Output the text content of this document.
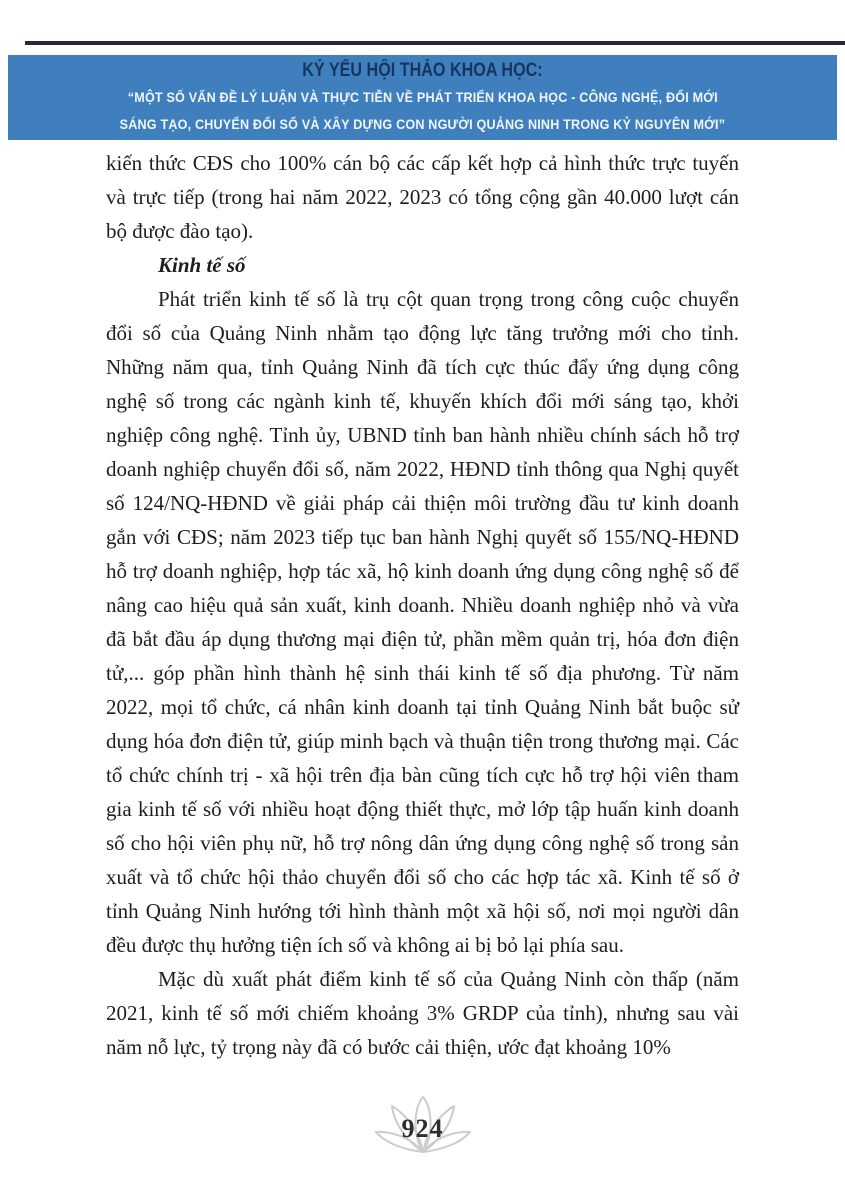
KỶ YẾU HỘI THẢO KHOA HỌC:
“MỘT SỐ VẤN ĐỀ LÝ LUẬN VÀ THỰC TIỄN VỀ PHÁT TRIỂN KHOA HỌC - CÔNG NGHỆ, ĐỔI MỚI
SÁNG TẠO, CHUYỂN ĐỔI SỐ VÀ XÂY DỰNG CON NGƯỜI QUẢNG NINH TRONG KỶ NGUYÊN MỚI”

kiến thức CĐS cho 100% cán bộ các cấp kết hợp cả hình thức trực tuyến và trực tiếp (trong hai năm 2022, 2023 có tổng cộng gần 40.000 lượt cán bộ được đào tạo).

Kinh tế số

Phát triển kinh tế số là trụ cột quan trọng trong công cuộc chuyển đổi số của Quảng Ninh nhằm tạo động lực tăng trưởng mới cho tỉnh. Những năm qua, tỉnh Quảng Ninh đã tích cực thúc đẩy ứng dụng công nghệ số trong các ngành kinh tế, khuyến khích đổi mới sáng tạo, khởi nghiệp công nghệ. Tỉnh ủy, UBND tỉnh ban hành nhiều chính sách hỗ trợ doanh nghiệp chuyển đổi số, năm 2022, HĐND tỉnh thông qua Nghị quyết số 124/NQ-HĐND về giải pháp cải thiện môi trường đầu tư kinh doanh gắn với CĐS; năm 2023 tiếp tục ban hành Nghị quyết số 155/NQ-HĐND hỗ trợ doanh nghiệp, hợp tác xã, hộ kinh doanh ứng dụng công nghệ số để nâng cao hiệu quả sản xuất, kinh doanh. Nhiều doanh nghiệp nhỏ và vừa đã bắt đầu áp dụng thương mại điện tử, phần mềm quản trị, hóa đơn điện tử,... góp phần hình thành hệ sinh thái kinh tế số địa phương. Từ năm 2022, mọi tổ chức, cá nhân kinh doanh tại tỉnh Quảng Ninh bắt buộc sử dụng hóa đơn điện tử, giúp minh bạch và thuận tiện trong thương mại. Các tổ chức chính trị - xã hội trên địa bàn cũng tích cực hỗ trợ hội viên tham gia kinh tế số với nhiều hoạt động thiết thực, mở lớp tập huấn kinh doanh số cho hội viên phụ nữ, hỗ trợ nông dân ứng dụng công nghệ số trong sản xuất và tổ chức hội thảo chuyển đổi số cho các hợp tác xã. Kinh tế số ở tỉnh Quảng Ninh hướng tới hình thành một xã hội số, nơi mọi người dân đều được thụ hưởng tiện ích số và không ai bị bỏ lại phía sau.

Mặc dù xuất phát điểm kinh tế số của Quảng Ninh còn thấp (năm 2021, kinh tế số mới chiếm khoảng 3% GRDP của tỉnh), nhưng sau vài năm nỗ lực, tỷ trọng này đã có bước cải thiện, ước đạt khoảng 10%

924
